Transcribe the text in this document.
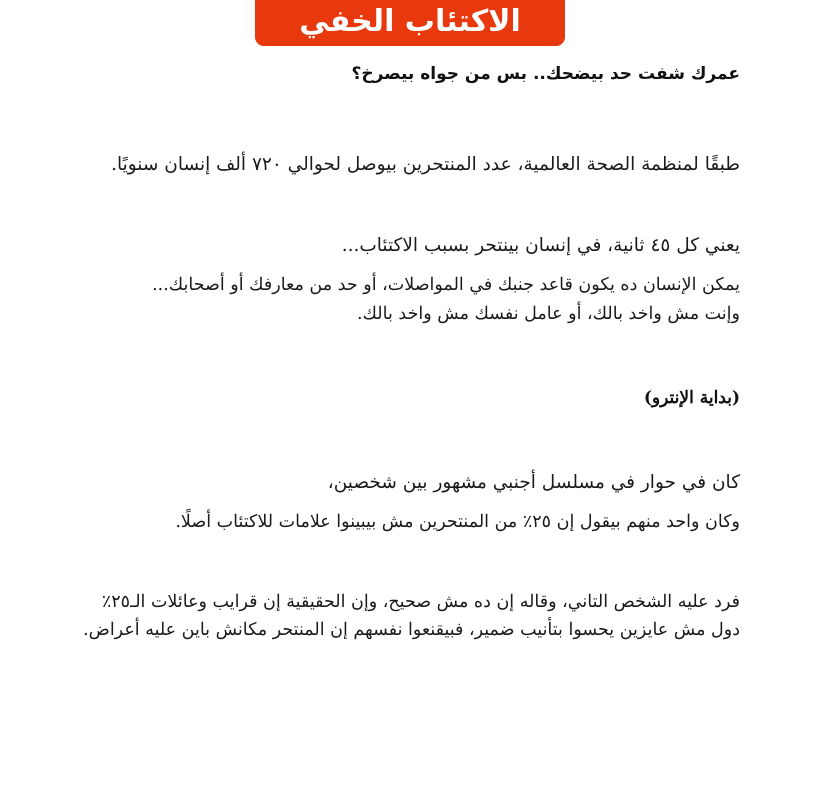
الاكتئاب الخفي

عمرك شفت حد بيضحك.. بس من جواه بيصرخ؟

طبقًا لمنظمة الصحة العالمية، عدد المنتحرين بيوصل لحوالي ٧٢٠ ألف إنسان سنويًا.

يعني كل ٤٥ ثانية، في إنسان بينتحر بسبب الاكتئاب...

يمكن الإنسان ده يكون قاعد جنبك في المواصلات، أو حد من معارفك أو أصحابك...
وإنت مش واخد بالك، أو عامل نفسك مش واخد بالك.

(بداية الإنترو)

كان في حوار في مسلسل أجنبي مشهور بين شخصين،

وكان واحد منهم بيقول إن ٢٥٪ من المنتحرين مش بيبينوا علامات للاكتئاب أصلًا.

فرد عليه الشخص التاني، وقاله إن ده مش صحيح، وإن الحقيقية إن قرايب وعائلات الـ٢٥٪
دول مش عايزين يحسوا بتأنيب ضمير، فبيقنعوا نفسهم إن المنتحر مكانش باين عليه أعراض.
